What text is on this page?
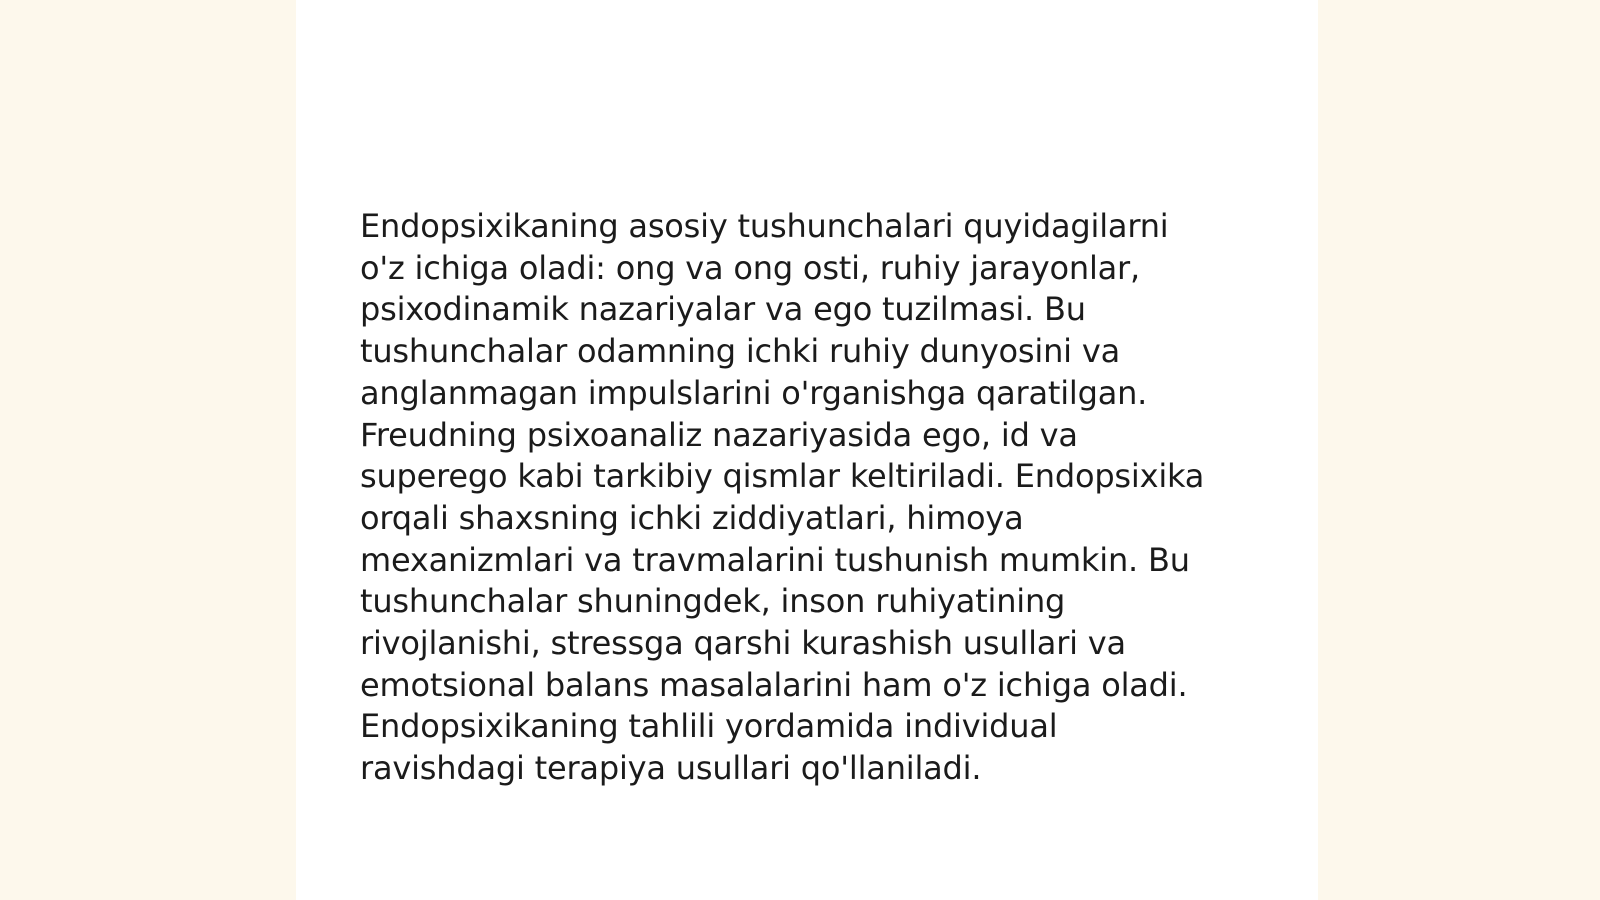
Endopsixikaning asosiy tushunchalari quyidagilarni
o'z ichiga oladi: ong va ong osti, ruhiy jarayonlar,
psixodinamik nazariyalar va ego tuzilmasi. Bu
tushunchalar odamning ichki ruhiy dunyosini va
anglanmagan impulslarini o'rganishga qaratilgan.
Freudning psixoanaliz nazariyasida ego, id va
superego kabi tarkibiy qismlar keltiriladi. Endopsixika
orqali shaxsning ichki ziddiyatlari, himoya
mexanizmlari va travmalarini tushunish mumkin. Bu
tushunchalar shuningdek, inson ruhiyatining
rivojlanishi, stressga qarshi kurashish usullari va
emotsional balans masalalarini ham o'z ichiga oladi.
Endopsixikaning tahlili yordamida individual
ravishdagi terapiya usullari qo'llaniladi.
